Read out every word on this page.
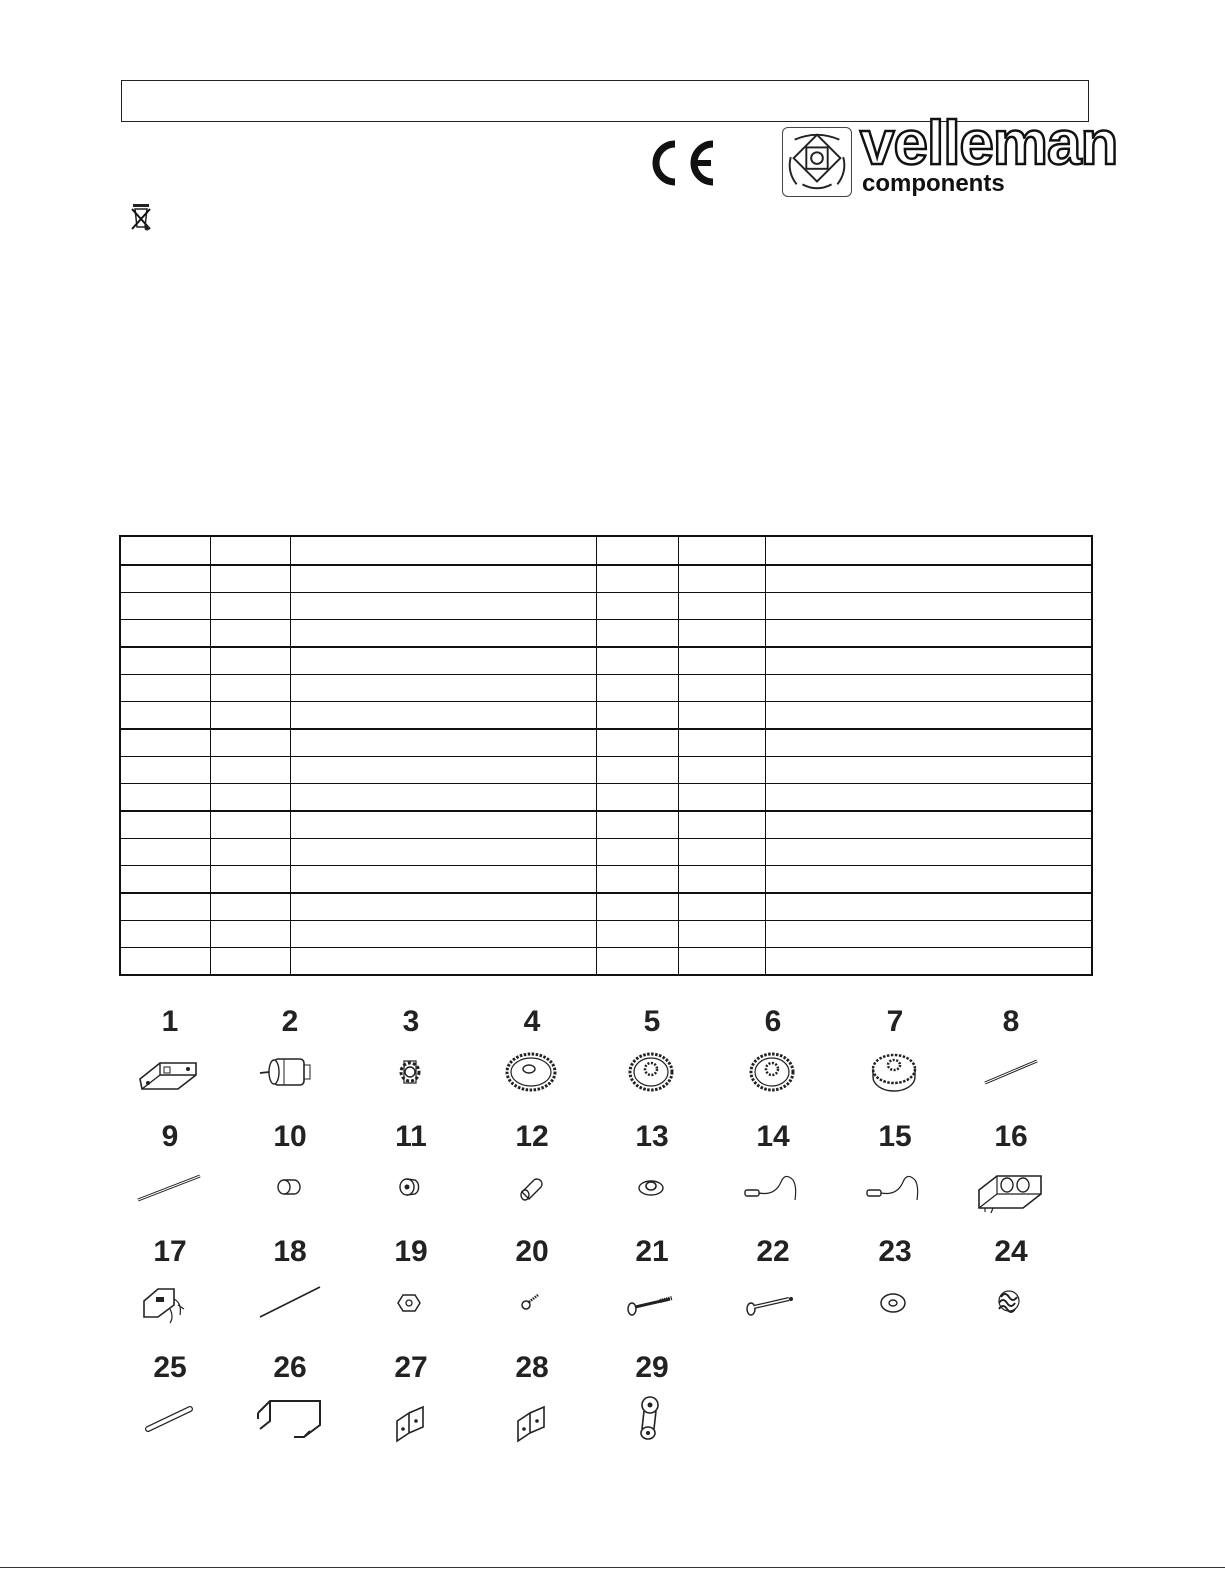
velleman
components

1	2	3	4	5	6	7	8
9	10	11	12	13	14	15	16
17	18	19	20	21	22	23	24
25	26	27	28	29
